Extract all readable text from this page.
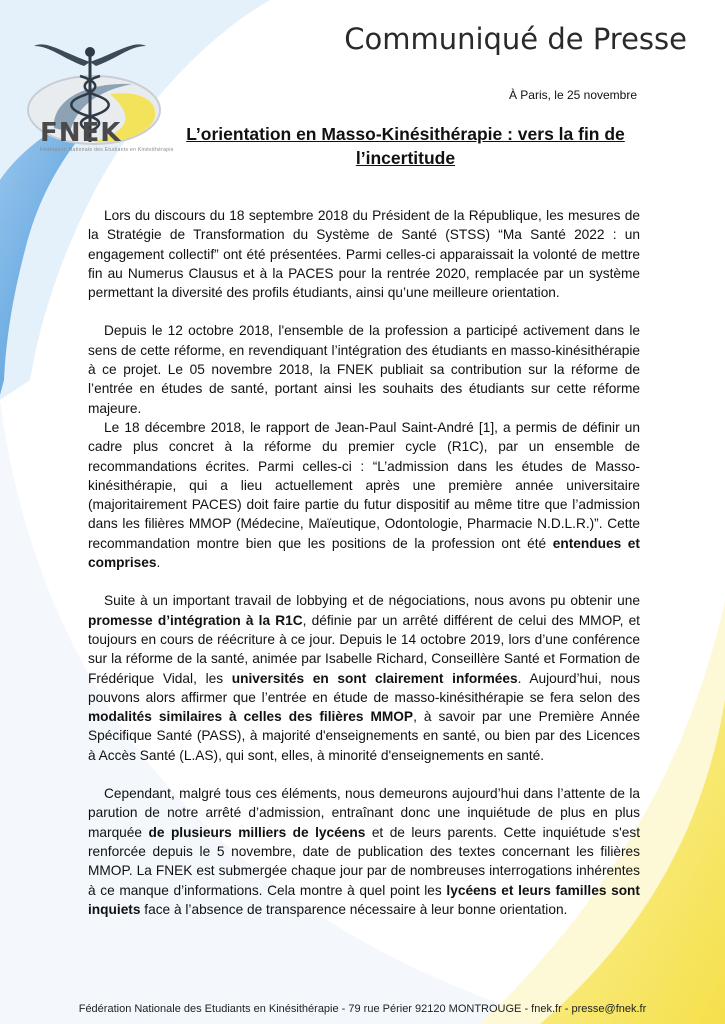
FNEK
Fédération Nationale des Etudiants en Kinésithérapie
Communiqué de Presse
À Paris, le 25 novembre
L’orientation en Masso-Kinésithérapie : vers la fin de l’incertitude

Lors du discours du 18 septembre 2018 du Président de la République, les mesures de la Stratégie de Transformation du Système de Santé (STSS) “Ma Santé 2022 : un engagement collectif” ont été présentées. Parmi celles-ci apparaissait la volonté de mettre fin au Numerus Clausus et à la PACES pour la rentrée 2020, remplacée par un système permettant la diversité des profils étudiants, ainsi qu’une meilleure orientation.

Depuis le 12 octobre 2018, l'ensemble de la profession a participé activement dans le sens de cette réforme, en revendiquant l’intégration des étudiants en masso-kinésithérapie à ce projet. Le 05 novembre 2018, la FNEK publiait sa contribution sur la réforme de l’entrée en études de santé, portant ainsi les souhaits des étudiants sur cette réforme majeure.

Le 18 décembre 2018, le rapport de Jean-Paul Saint-André [1], a permis de définir un cadre plus concret à la réforme du premier cycle (R1C), par un ensemble de recommandations écrites. Parmi celles-ci : “L’admission dans les études de Masso-kinésithérapie, qui a lieu actuellement après une première année universitaire (majoritairement PACES) doit faire partie du futur dispositif au même titre que l’admission dans les filières MMOP (Médecine, Maïeutique, Odontologie, Pharmacie N.D.L.R.)”. Cette recommandation montre bien que les positions de la profession ont été entendues et comprises.

Suite à un important travail de lobbying et de négociations, nous avons pu obtenir une promesse d’intégration à la R1C, définie par un arrêté différent de celui des MMOP, et toujours en cours de réécriture à ce jour. Depuis le 14 octobre 2019, lors d’une conférence sur la réforme de la santé, animée par Isabelle Richard, Conseillère Santé et Formation de Frédérique Vidal, les universités en sont clairement informées. Aujourd’hui, nous pouvons alors affirmer que l’entrée en étude de masso-kinésithérapie se fera selon des modalités similaires à celles des filières MMOP, à savoir par une Première Année Spécifique Santé (PASS), à majorité d'enseignements en santé, ou bien par des Licences à Accès Santé (L.AS), qui sont, elles, à minorité d'enseignements en santé.

Cependant, malgré tous ces éléments, nous demeurons aujourd’hui dans l’attente de la parution de notre arrêté d’admission, entraînant donc une inquiétude de plus en plus marquée de plusieurs milliers de lycéens et de leurs parents. Cette inquiétude s'est renforcée depuis le 5 novembre, date de publication des textes concernant les filières MMOP. La FNEK est submergée chaque jour par de nombreuses interrogations inhérentes à ce manque d’informations. Cela montre à quel point les lycéens et leurs familles sont inquiets face à l’absence de transparence nécessaire à leur bonne orientation.

Fédération Nationale des Etudiants en Kinésithérapie - 79 rue Périer 92120 MONTROUGE - fnek.fr - presse@fnek.fr
